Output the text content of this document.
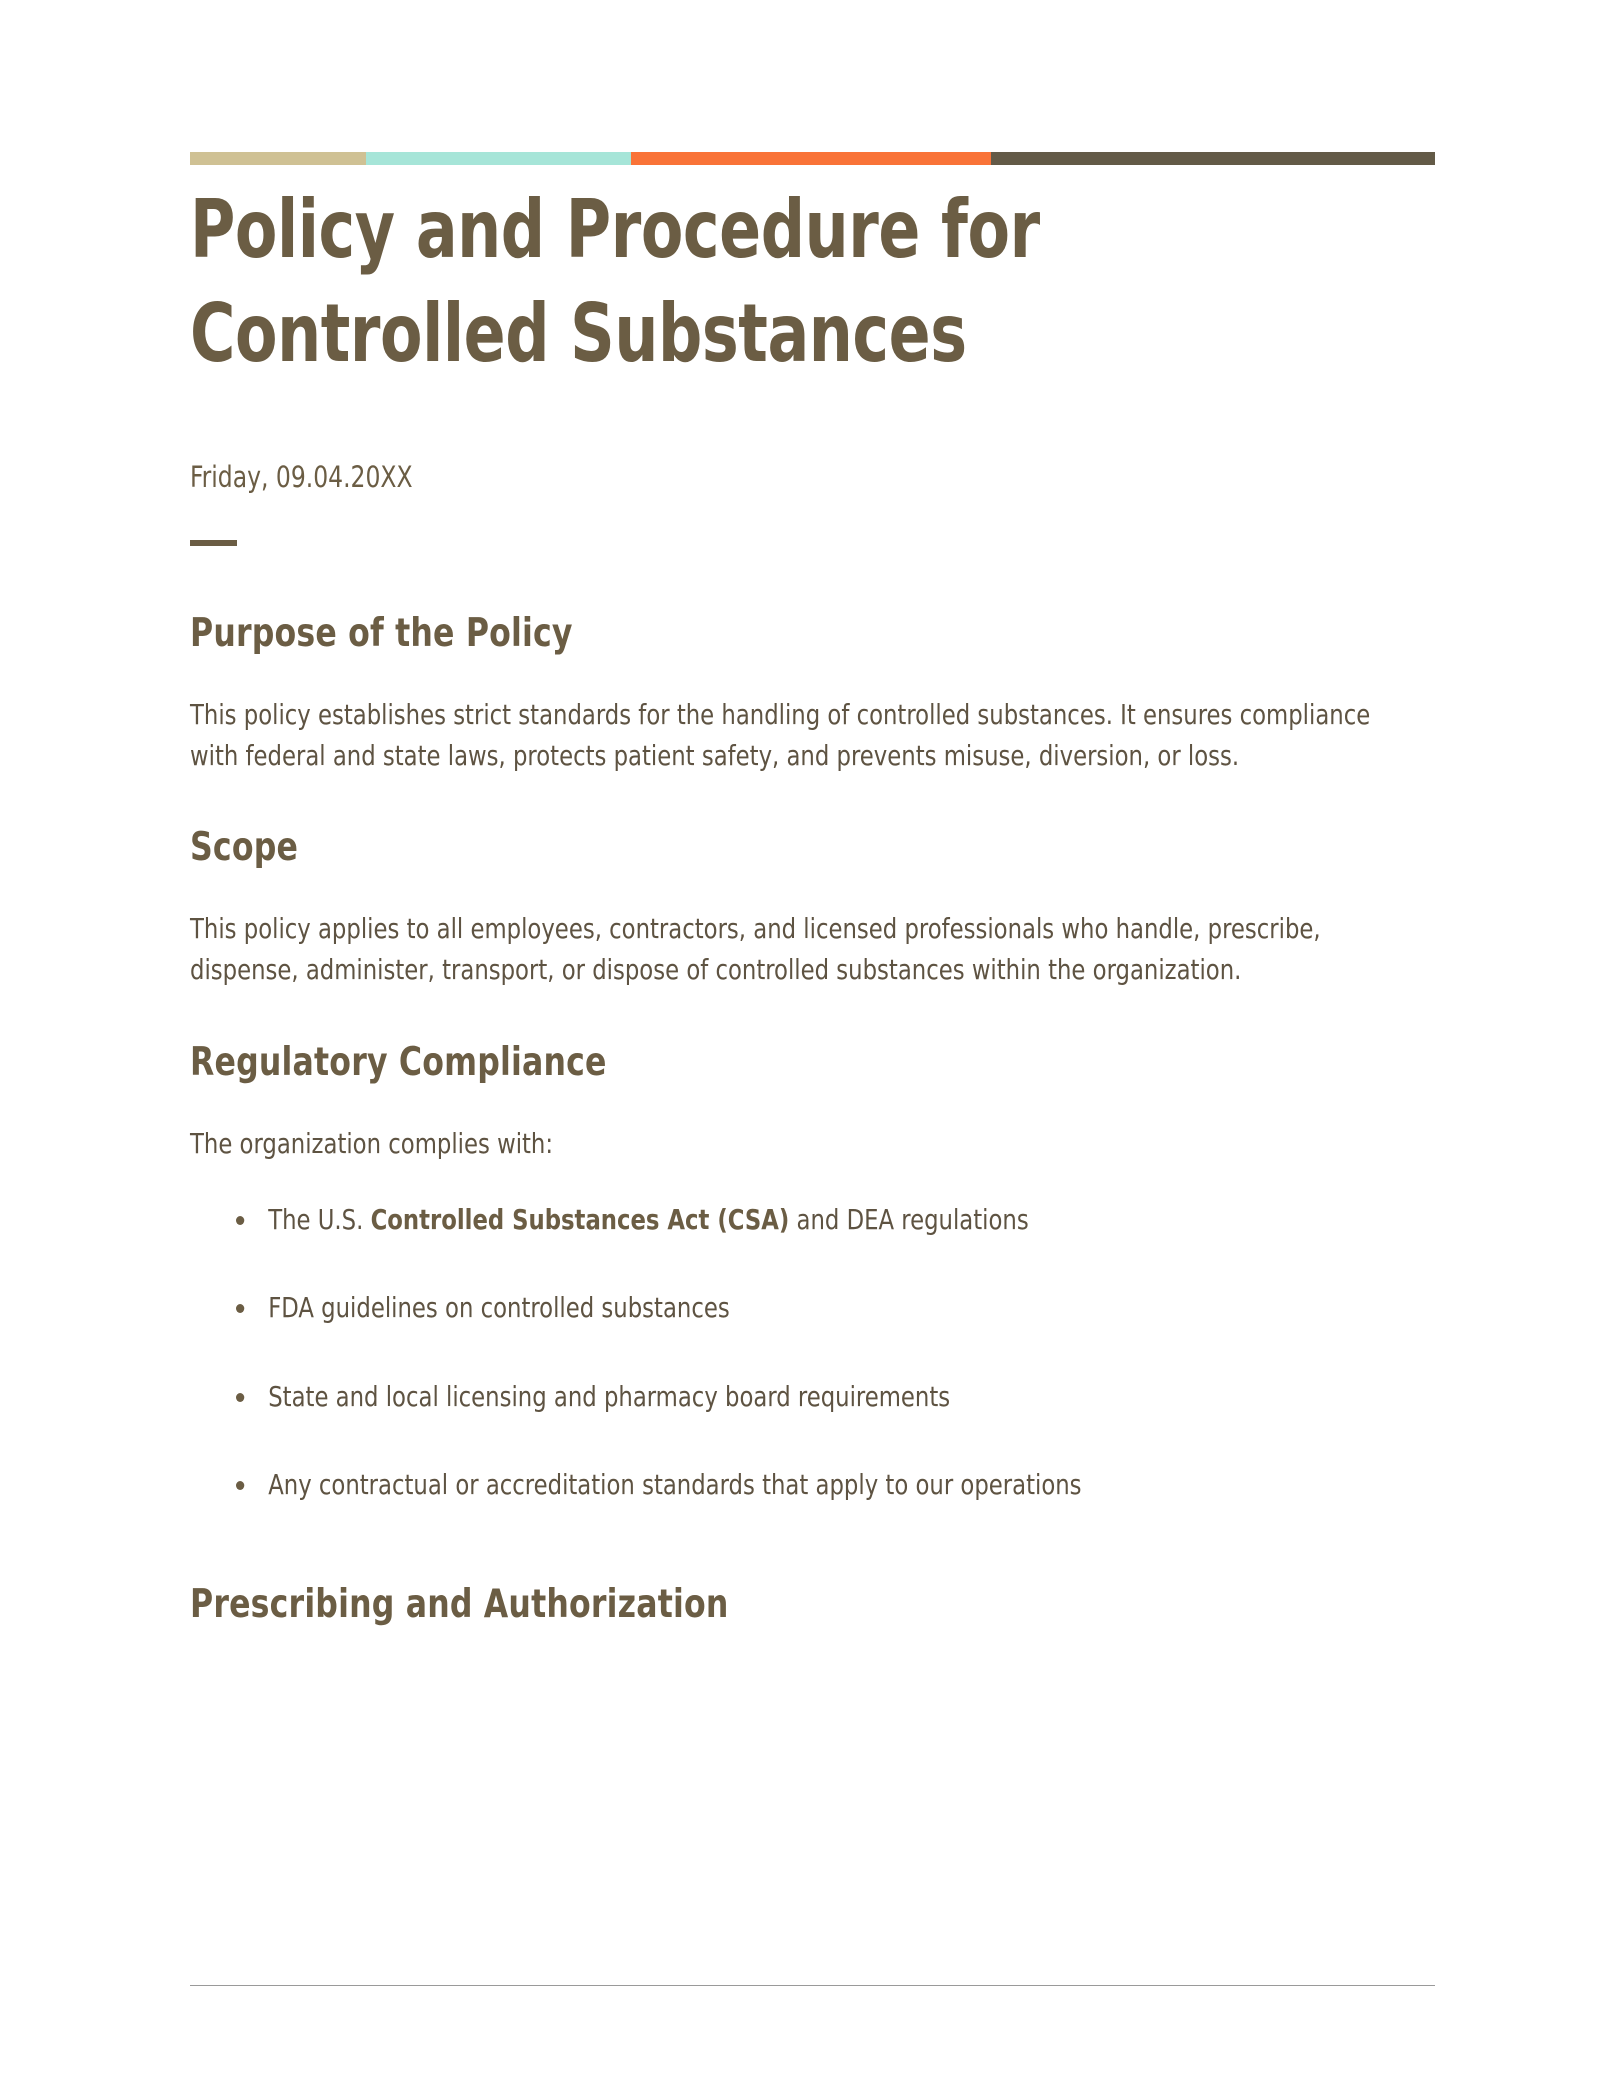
Policy and Procedure for Controlled Substances

Friday, 09.04.20XX

Purpose of the Policy

This policy establishes strict standards for the handling of controlled substances. It ensures compliance with federal and state laws, protects patient safety, and prevents misuse, diversion, or loss.

Scope

This policy applies to all employees, contractors, and licensed professionals who handle, prescribe, dispense, administer, transport, or dispose of controlled substances within the organization.

Regulatory Compliance

The organization complies with:

The U.S. Controlled Substances Act (CSA) and DEA regulations
FDA guidelines on controlled substances
State and local licensing and pharmacy board requirements
Any contractual or accreditation standards that apply to our operations
Prescribing and Authorization
